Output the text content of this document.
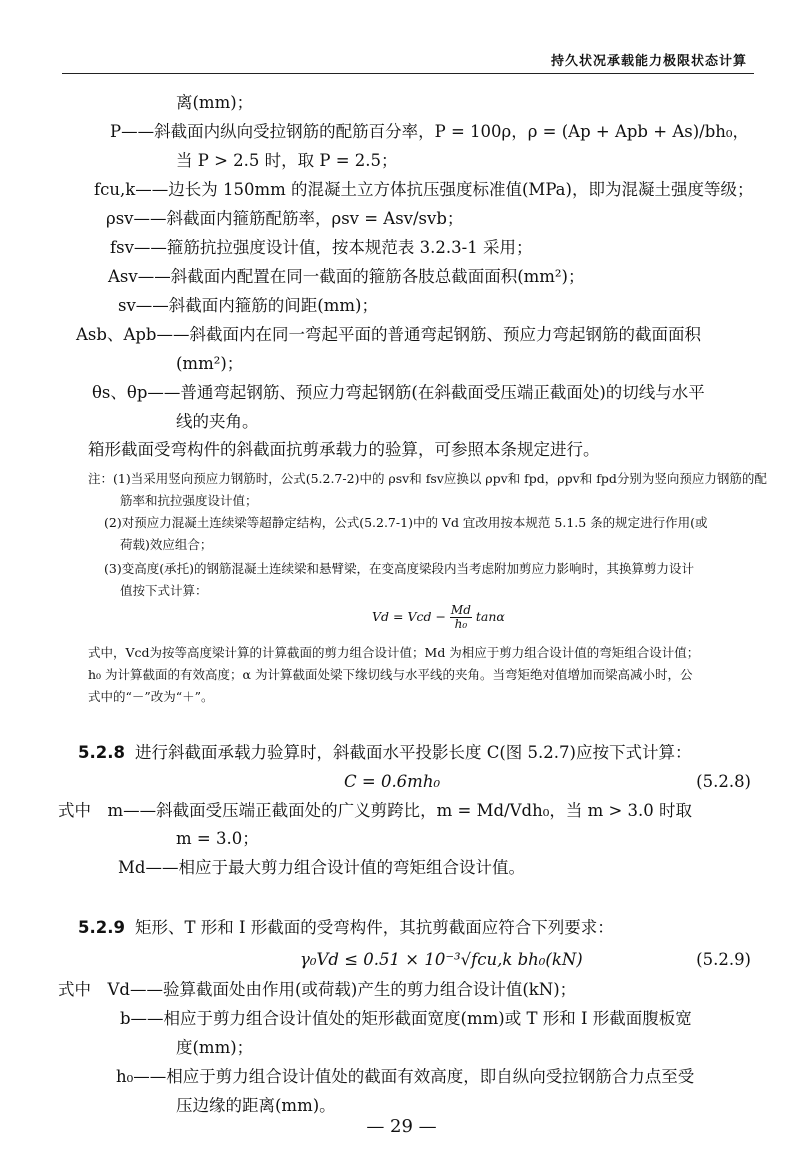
持久状况承载能力极限状态计算
离(mm)；
P——斜截面内纵向受拉钢筋的配筋百分率，P = 100ρ，ρ = (Ap + Apb + As)/bh₀，
当 P > 2.5 时，取 P = 2.5；
fcu,k——边长为 150mm 的混凝土立方体抗压强度标准值(MPa)，即为混凝土强度等级；
ρsv——斜截面内箍筋配筋率，ρsv = Asv/svb；
fsv——箍筋抗拉强度设计值，按本规范表 3.2.3-1 采用；
Asv——斜截面内配置在同一截面的箍筋各肢总截面面积(mm²)；
sv——斜截面内箍筋的间距(mm)；
Asb、Apb——斜截面内在同一弯起平面的普通弯起钢筋、预应力弯起钢筋的截面面积
(mm²)；
θs、θp——普通弯起钢筋、预应力弯起钢筋(在斜截面受压端正截面处)的切线与水平
线的夹角。
箱形截面受弯构件的斜截面抗剪承载力的验算，可参照本条规定进行。
注：(1)当采用竖向预应力钢筋时，公式(5.2.7-2)中的 ρsv和 fsv应换以 ρpv和 fpd，ρpv和 fpd分别为竖向预应力钢筋的配
筋率和抗拉强度设计值；
(2)对预应力混凝土连续梁等超静定结构，公式(5.2.7-1)中的 Vd 宜改用按本规范 5.1.5 条的规定进行作用(或
荷载)效应组合；
(3)变高度(承托)的钢筋混凝土连续梁和悬臂梁，在变高度梁段内当考虑附加剪应力影响时，其换算剪力设计
值按下式计算：
式中，Vcd为按等高度梁计算的计算截面的剪力组合设计值；Md 为相应于剪力组合设计值的弯矩组合设计值；
h₀ 为计算截面的有效高度；α 为计算截面处梁下缘切线与水平线的夹角。当弯矩绝对值增加而梁高减小时，公
式中的“－”改为“＋”。
Vd = Vcd − $\frac{Md}{\text{h₀}}$ tanα
5.2.8 进行斜截面承载力验算时，斜截面水平投影长度 C(图 5.2.7)应按下式计算：
C = 0.6mh₀	(5.2.8)
式中　m——斜截面受压端正截面处的广义剪跨比，m = Md/Vdh₀，当 m > 3.0 时取
m = 3.0；
Md——相应于最大剪力组合设计值的弯矩组合设计值。
5.2.9 矩形、T 形和 I 形截面的受弯构件，其抗剪截面应符合下列要求：
γ₀Vd ≤ 0.51 × 10⁻³√fcu,k bh₀(kN)	(5.2.9)
式中　Vd——验算截面处由作用(或荷载)产生的剪力组合设计值(kN)；
b——相应于剪力组合设计值处的矩形截面宽度(mm)或 T 形和 I 形截面腹板宽
度(mm)；
h₀——相应于剪力组合设计值处的截面有效高度，即自纵向受拉钢筋合力点至受
压边缘的距离(mm)。
— 29 —
